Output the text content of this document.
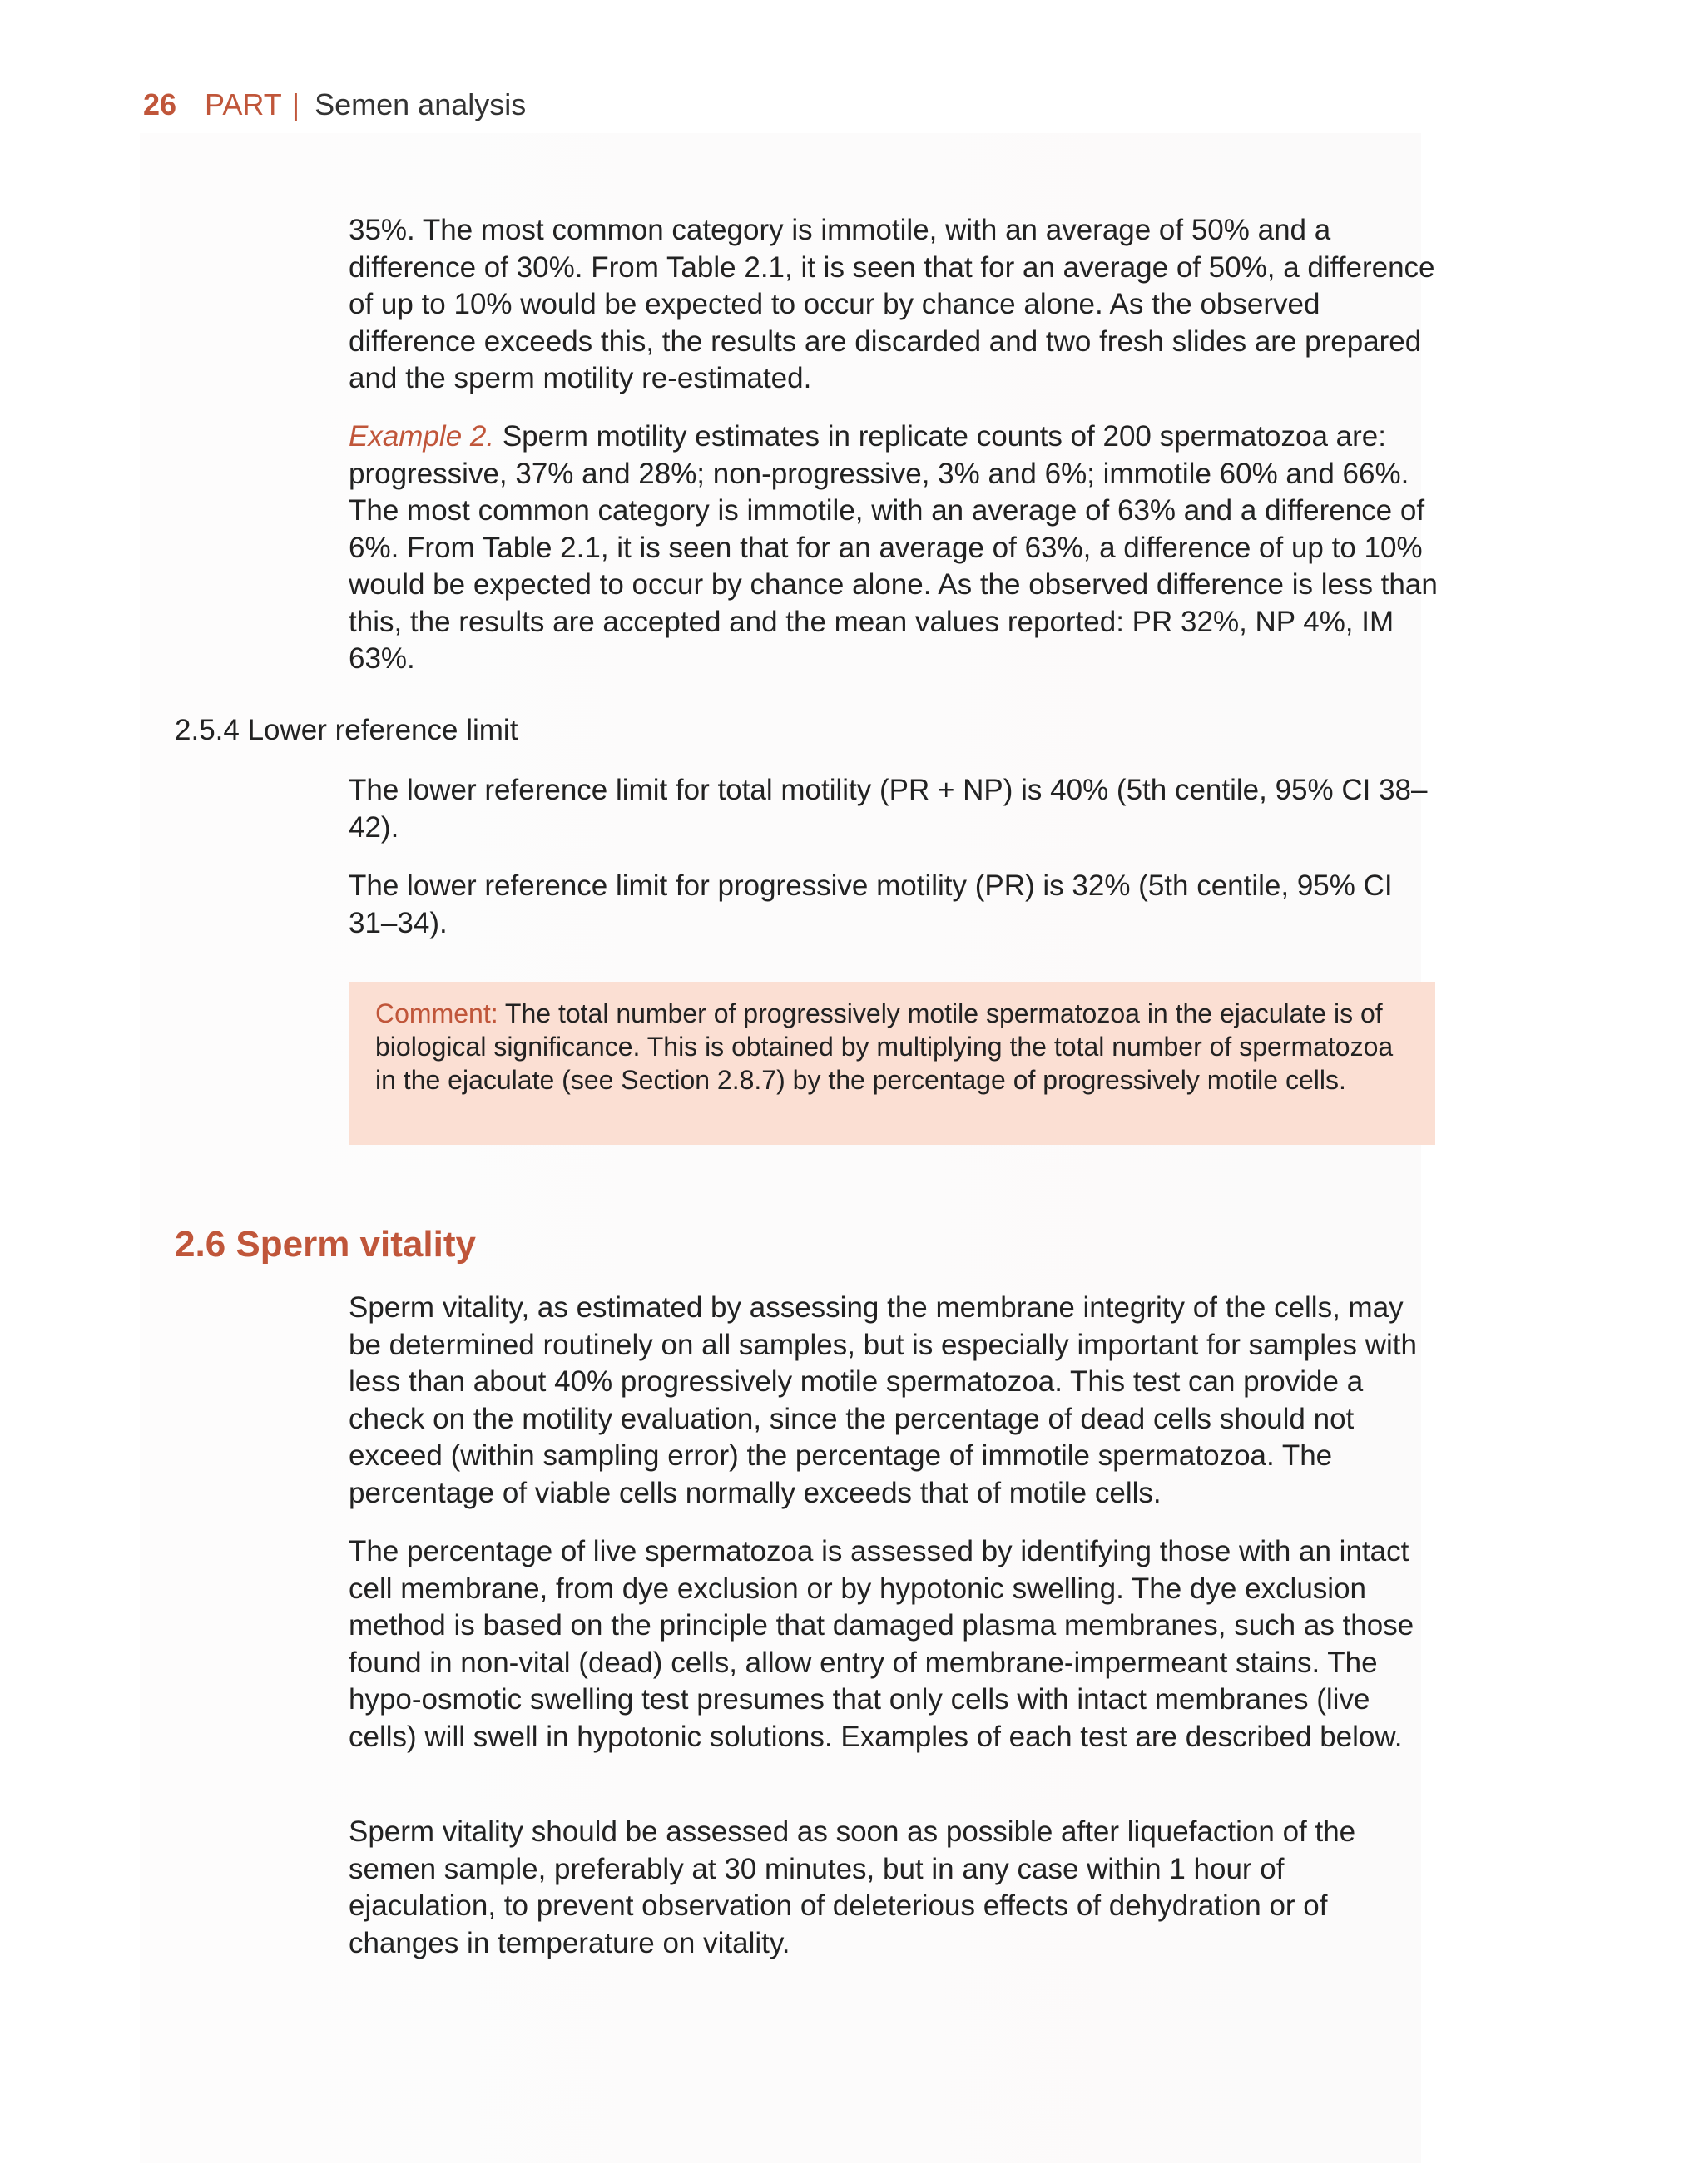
26 PART | Semen analysis

35%. The most common category is immotile, with an average of 50% and a difference of 30%. From Table 2.1, it is seen that for an average of 50%, a difference of up to 10% would be expected to occur by chance alone. As the observed difference exceeds this, the results are discarded and two fresh slides are prepared and the sperm motility re-estimated.

Example 2. Sperm motility estimates in replicate counts of 200 spermatozoa are: progressive, 37% and 28%; non-progressive, 3% and 6%; immotile 60% and 66%. The most common category is immotile, with an average of 63% and a difference of 6%. From Table 2.1, it is seen that for an average of 63%, a difference of up to 10% would be expected to occur by chance alone. As the observed difference is less than this, the results are accepted and the mean values reported: PR 32%, NP 4%, IM 63%.

2.5.4 Lower reference limit

The lower reference limit for total motility (PR + NP) is 40% (5th centile, 95% CI 38–42).

The lower reference limit for progressive motility (PR) is 32% (5th centile, 95% CI 31–34).

Comment: The total number of progressively motile spermatozoa in the ejaculate is of biological significance. This is obtained by multiplying the total number of spermatozoa in the ejaculate (see Section 2.8.7) by the percentage of progressively motile cells.

2.6 Sperm vitality

Sperm vitality, as estimated by assessing the membrane integrity of the cells, may be determined routinely on all samples, but is especially important for samples with less than about 40% progressively motile spermatozoa. This test can provide a check on the motility evaluation, since the percentage of dead cells should not exceed (within sampling error) the percentage of immotile spermatozoa. The percentage of viable cells normally exceeds that of motile cells.

The percentage of live spermatozoa is assessed by identifying those with an intact cell membrane, from dye exclusion or by hypotonic swelling. The dye exclusion method is based on the principle that damaged plasma membranes, such as those found in non-vital (dead) cells, allow entry of membrane-impermeant stains. The hypo-osmotic swelling test presumes that only cells with intact membranes (live cells) will swell in hypotonic solutions. Examples of each test are described below.

Sperm vitality should be assessed as soon as possible after liquefaction of the semen sample, preferably at 30 minutes, but in any case within 1 hour of ejaculation, to prevent observation of deleterious effects of dehydration or of changes in temperature on vitality.
